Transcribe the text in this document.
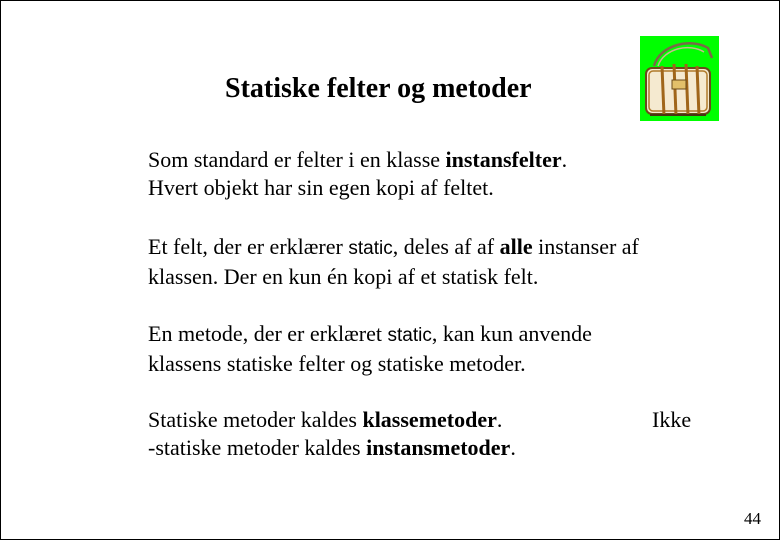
Statiske felter og metoder
Som standard er felter i en klasse instansfelter.
Hvert objekt har sin egen kopi af feltet.
Et felt, der er erklærer static, deles af af alle instanser af
klassen. Der en kun én kopi af et statisk felt.
En metode, der er erklæret static, kan kun anvende
klassens statiske felter og statiske metoder.
Statiske metoder kaldes klassemetoder.
-statiske metoder kaldes instansmetoder.
Ikke
44
